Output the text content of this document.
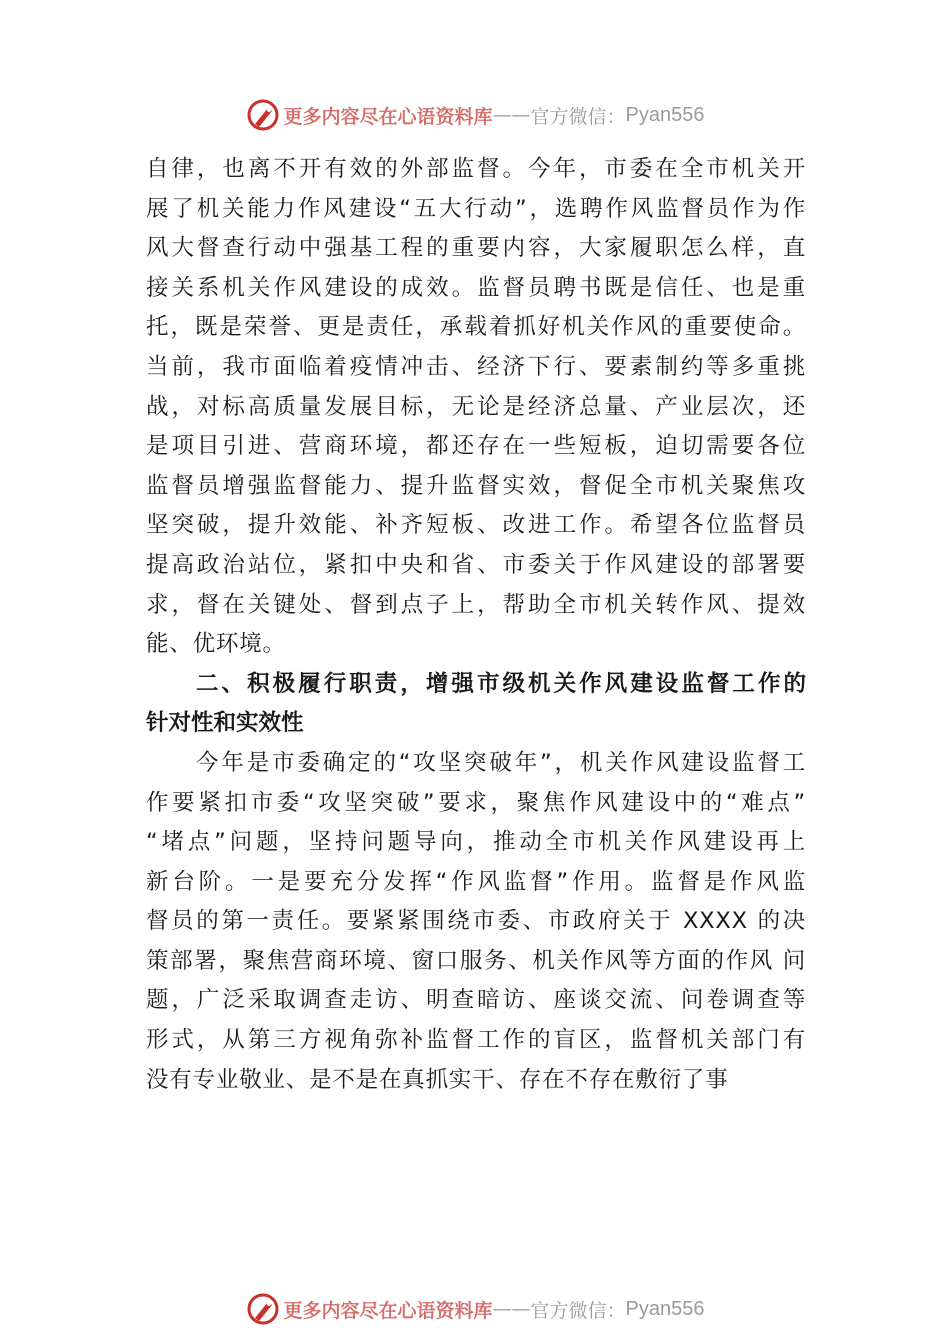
更多内容尽在心语资料库 —— 官方微信： Pyan556
自律，也离不开有效的外部监督。今年，市委在全市机关开
展了机关能力作风建设“五大行动”，选聘作风监督员作为作
风大督查行动中强基工程的重要内容，大家履职怎么样，直
接关系机关作风建设的成效。监督员聘书既是信任、也是重
托，既是荣誉、更是责任，承载着抓好机关作风的重要使命。
当前，我市面临着疫情冲击、经济下行、要素制约等多重挑
战，对标高质量发展目标，无论是经济总量、产业层次，还
是项目引进、营商环境，都还存在一些短板，迫切需要各位
监督员增强监督能力、提升监督实效，督促全市机关聚焦攻
坚突破，提升效能、补齐短板、改进工作。希望各位监督员
提高政治站位，紧扣中央和省、市委关于作风建设的部署要
求，督在关键处、督到点子上，帮助全市机关转作风、提效
能、优环境。
二、积极履行职责，增强市级机关作风建设监督工作的
针对性和实效性
今年是市委确定的“攻坚突破年”，机关作风建设监督工
作要紧扣市委“攻坚突破”要求，聚焦作风建设中的“难点”
“堵点”问题，坚持问题导向，推动全市机关作风建设再上
新台阶。一是要充分发挥“作风监督”作用。监督是作风监
督员的第一责任。要紧紧围绕市委、市政府关于 XXXX 的决
策部署，聚焦营商环境、窗口服务、机关作风等方面的作风 问
题，广泛采取调查走访、明查暗访、座谈交流、问卷调查等
形式，从第三方视角弥补监督工作的盲区，监督机关部门有
没有专业敬业、是不是在真抓实干、存在不存在敷衍了事
更多内容尽在心语资料库 —— 官方微信： Pyan556
